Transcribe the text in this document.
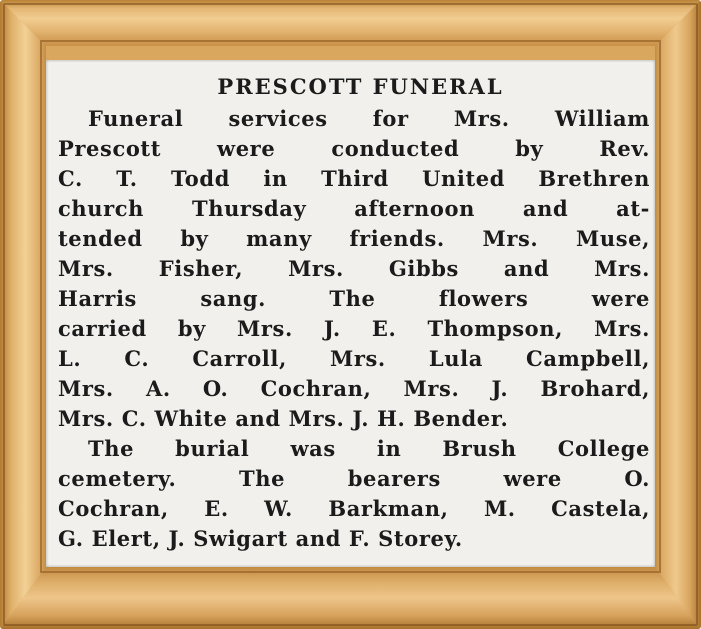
PRESCOTT FUNERAL
Funeral services for Mrs. William
Prescott were conducted by Rev.
C. T. Todd in Third United Brethren
church Thursday afternoon and at-
tended by many friends. Mrs. Muse,
Mrs. Fisher, Mrs. Gibbs and Mrs.
Harris sang. The flowers were
carried by Mrs. J. E. Thompson, Mrs.
L. C. Carroll, Mrs. Lula Campbell,
Mrs. A. O. Cochran, Mrs. J. Brohard,
Mrs. C. White and Mrs. J. H. Bender.
The burial was in Brush College
cemetery. The bearers were O.
Cochran, E. W. Barkman, M. Castela,
G. Elert, J. Swigart and F. Storey.
